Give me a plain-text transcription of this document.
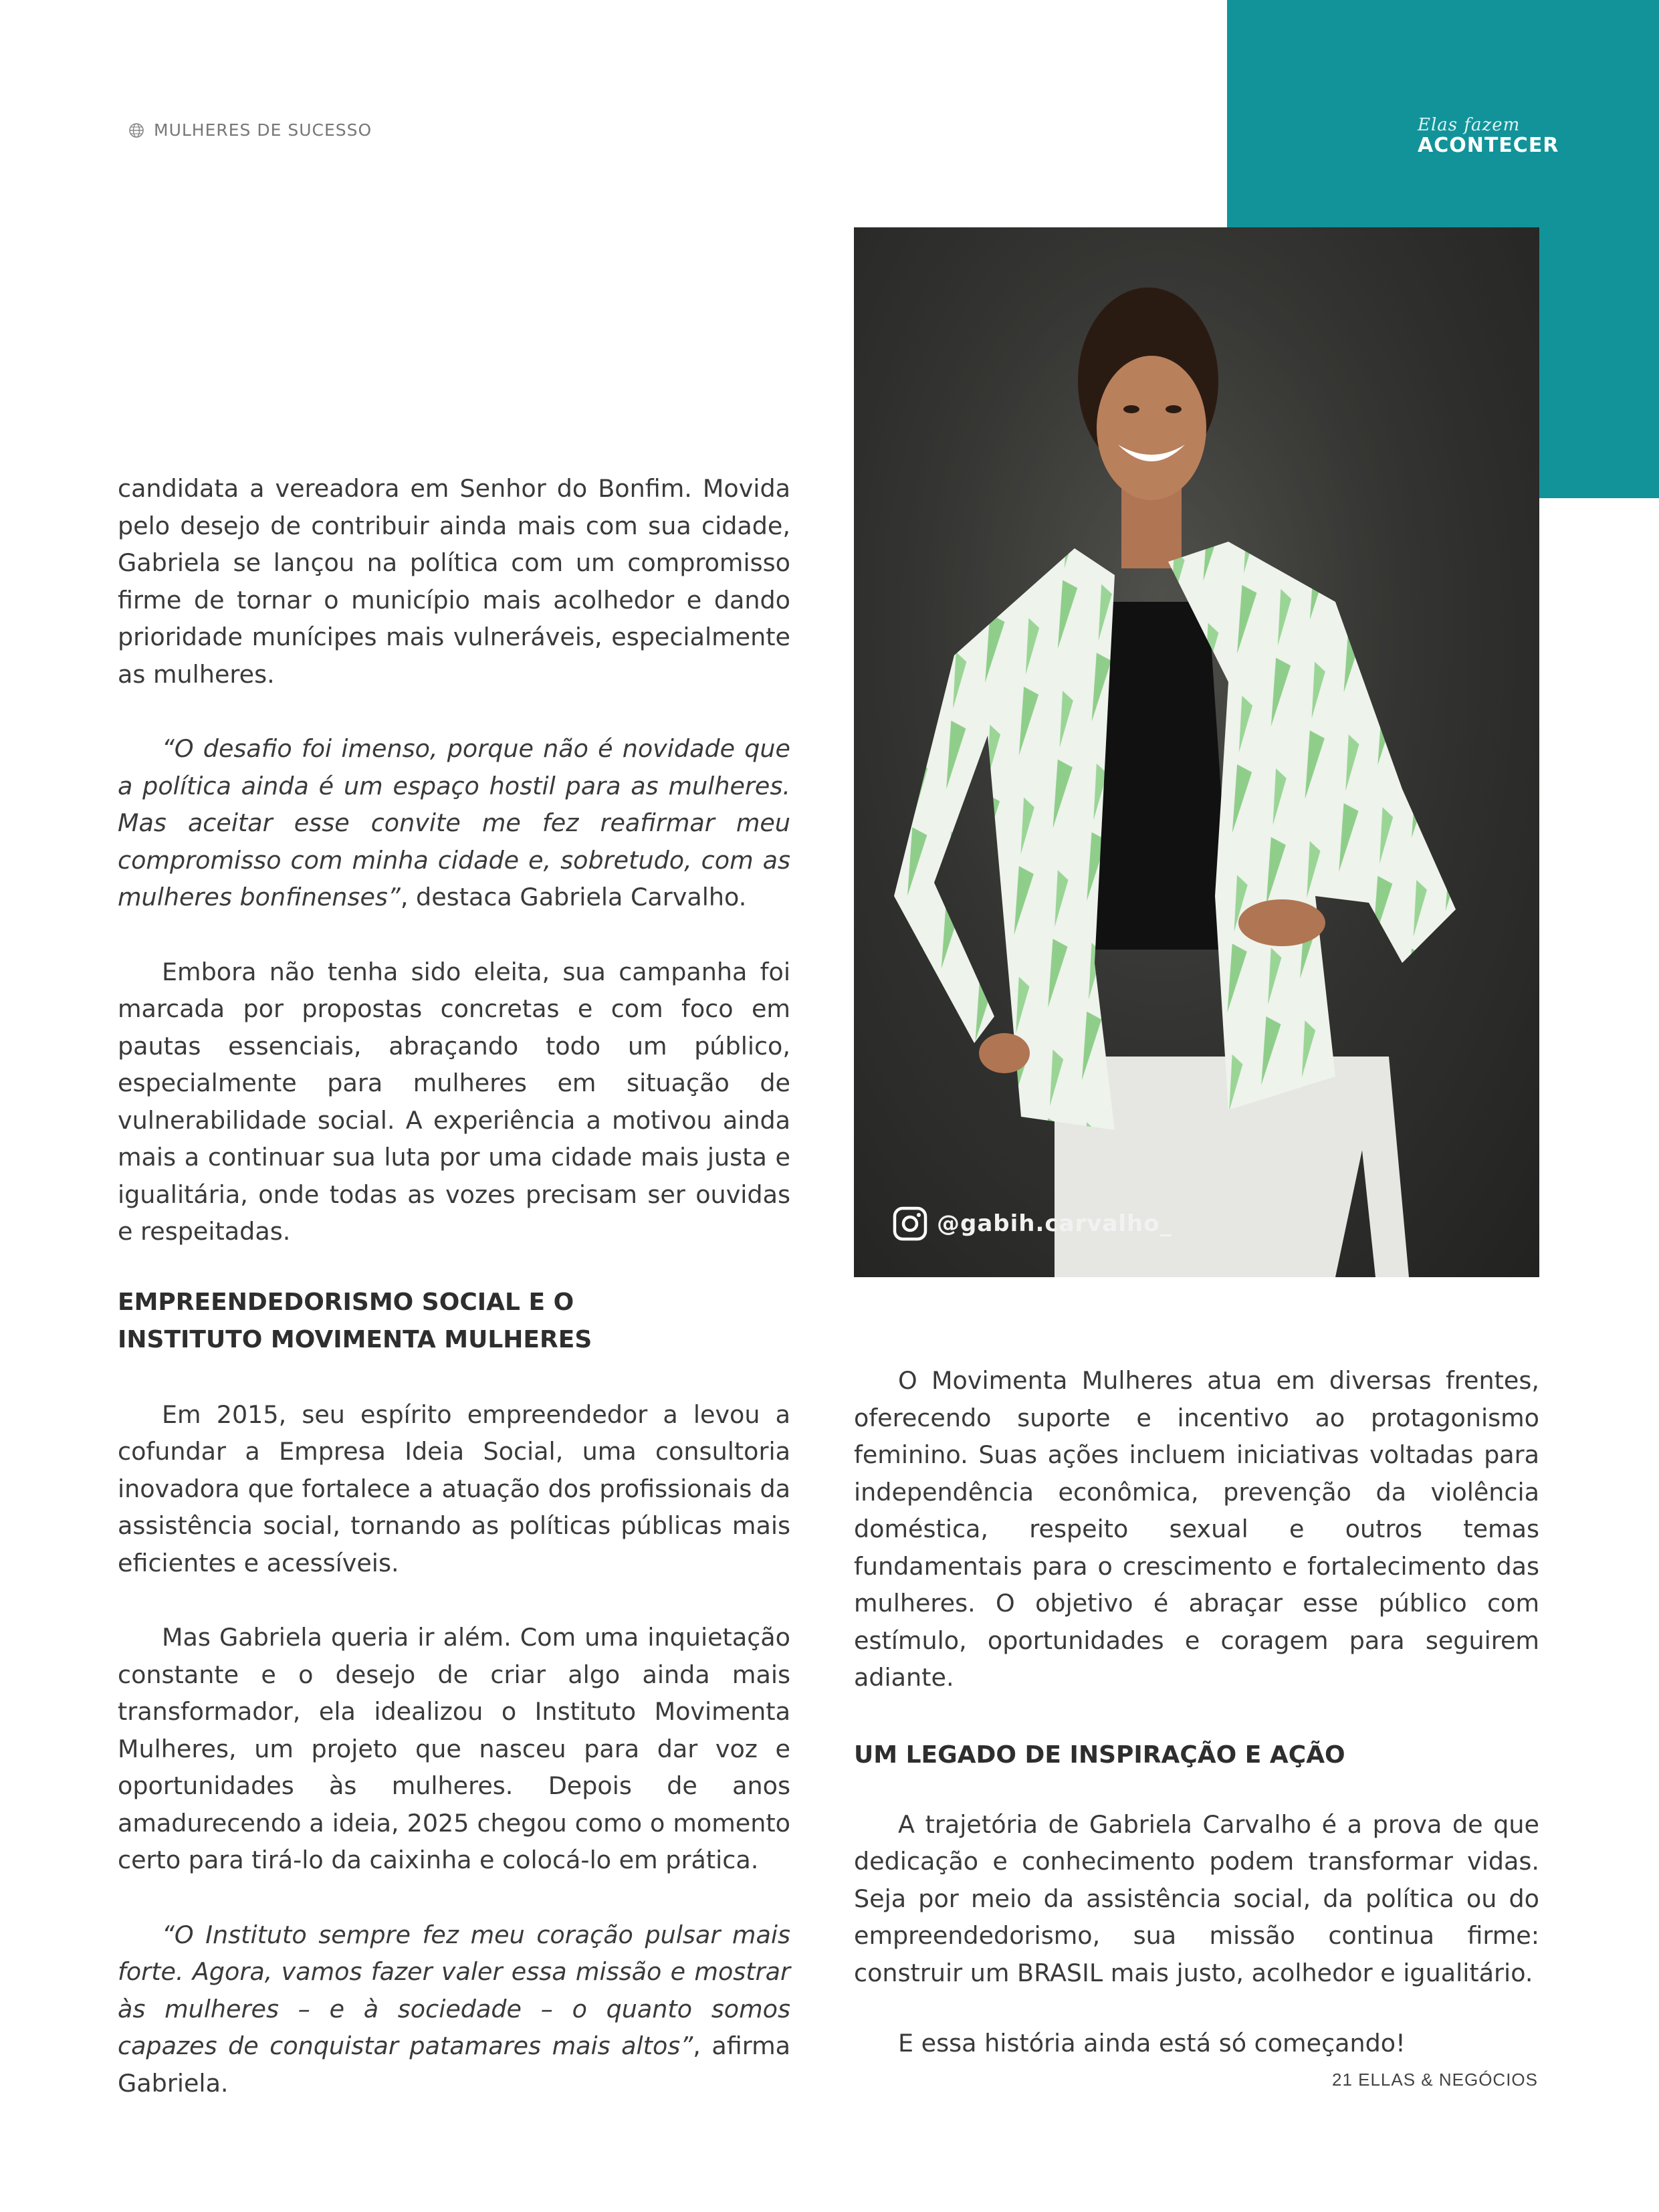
Elas fazem
ACONTECER
MULHERES DE SUCESSO
@gabih.carvalho_

candidata a vereadora em Senhor do Bonfim. Movida pelo desejo de contribuir ainda mais com sua cidade, Gabriela se lançou na política com um compromisso firme de tornar o município mais acolhedor e dando prioridade munícipes mais vulneráveis, especialmente as mulheres.

“O desafio foi imenso, porque não é novidade que a política ainda é um espaço hostil para as mulheres. Mas aceitar esse convite me fez reafirmar meu compromisso com minha cidade e, sobretudo, com as mulheres bonfinenses”, destaca Gabriela Carvalho.

Embora não tenha sido eleita, sua campanha foi marcada por propostas concretas e com foco em pautas essenciais, abraçando todo um público, especialmente para mulheres em situação de vulnerabilidade social. A experiência a motivou ainda mais a continuar sua luta por uma cidade mais justa e igualitária, onde todas as vozes precisam ser ouvidas e respeitadas.

EMPREENDEDORISMO SOCIAL E O
INSTITUTO MOVIMENTA MULHERES

Em 2015, seu espírito empreendedor a levou a cofundar a Empresa Ideia Social, uma consultoria inovadora que fortalece a atuação dos profissionais da assistência social, tornando as políticas públicas mais eficientes e acessíveis.

Mas Gabriela queria ir além. Com uma inquietação constante e o desejo de criar algo ainda mais transformador, ela idealizou o Instituto Movimenta Mulheres, um projeto que nasceu para dar voz e oportunidades às mulheres. Depois de anos amadurecendo a ideia, 2025 chegou como o momento certo para tirá-lo da caixinha e colocá-lo em prática.

“O Instituto sempre fez meu coração pulsar mais forte. Agora, vamos fazer valer essa missão e mostrar às mulheres – e à sociedade – o quanto somos capazes de conquistar patamares mais altos”, afirma Gabriela.

O Movimenta Mulheres atua em diversas frentes, oferecendo suporte e incentivo ao protagonismo feminino. Suas ações incluem iniciativas voltadas para independência econômica, prevenção da violência doméstica, respeito sexual e outros temas fundamentais para o crescimento e fortalecimento das mulheres. O objetivo é abraçar esse público com estímulo, oportunidades e coragem para seguirem adiante.

UM LEGADO DE INSPIRAÇÃO E AÇÃO

A trajetória de Gabriela Carvalho é a prova de que dedicação e conhecimento podem transformar vidas. Seja por meio da assistência social, da política ou do empreendedorismo, sua missão continua firme: construir um BRASIL mais justo, acolhedor e igualitário.

E essa história ainda está só começando!

21 ELLAS & NEGÓCIOS
